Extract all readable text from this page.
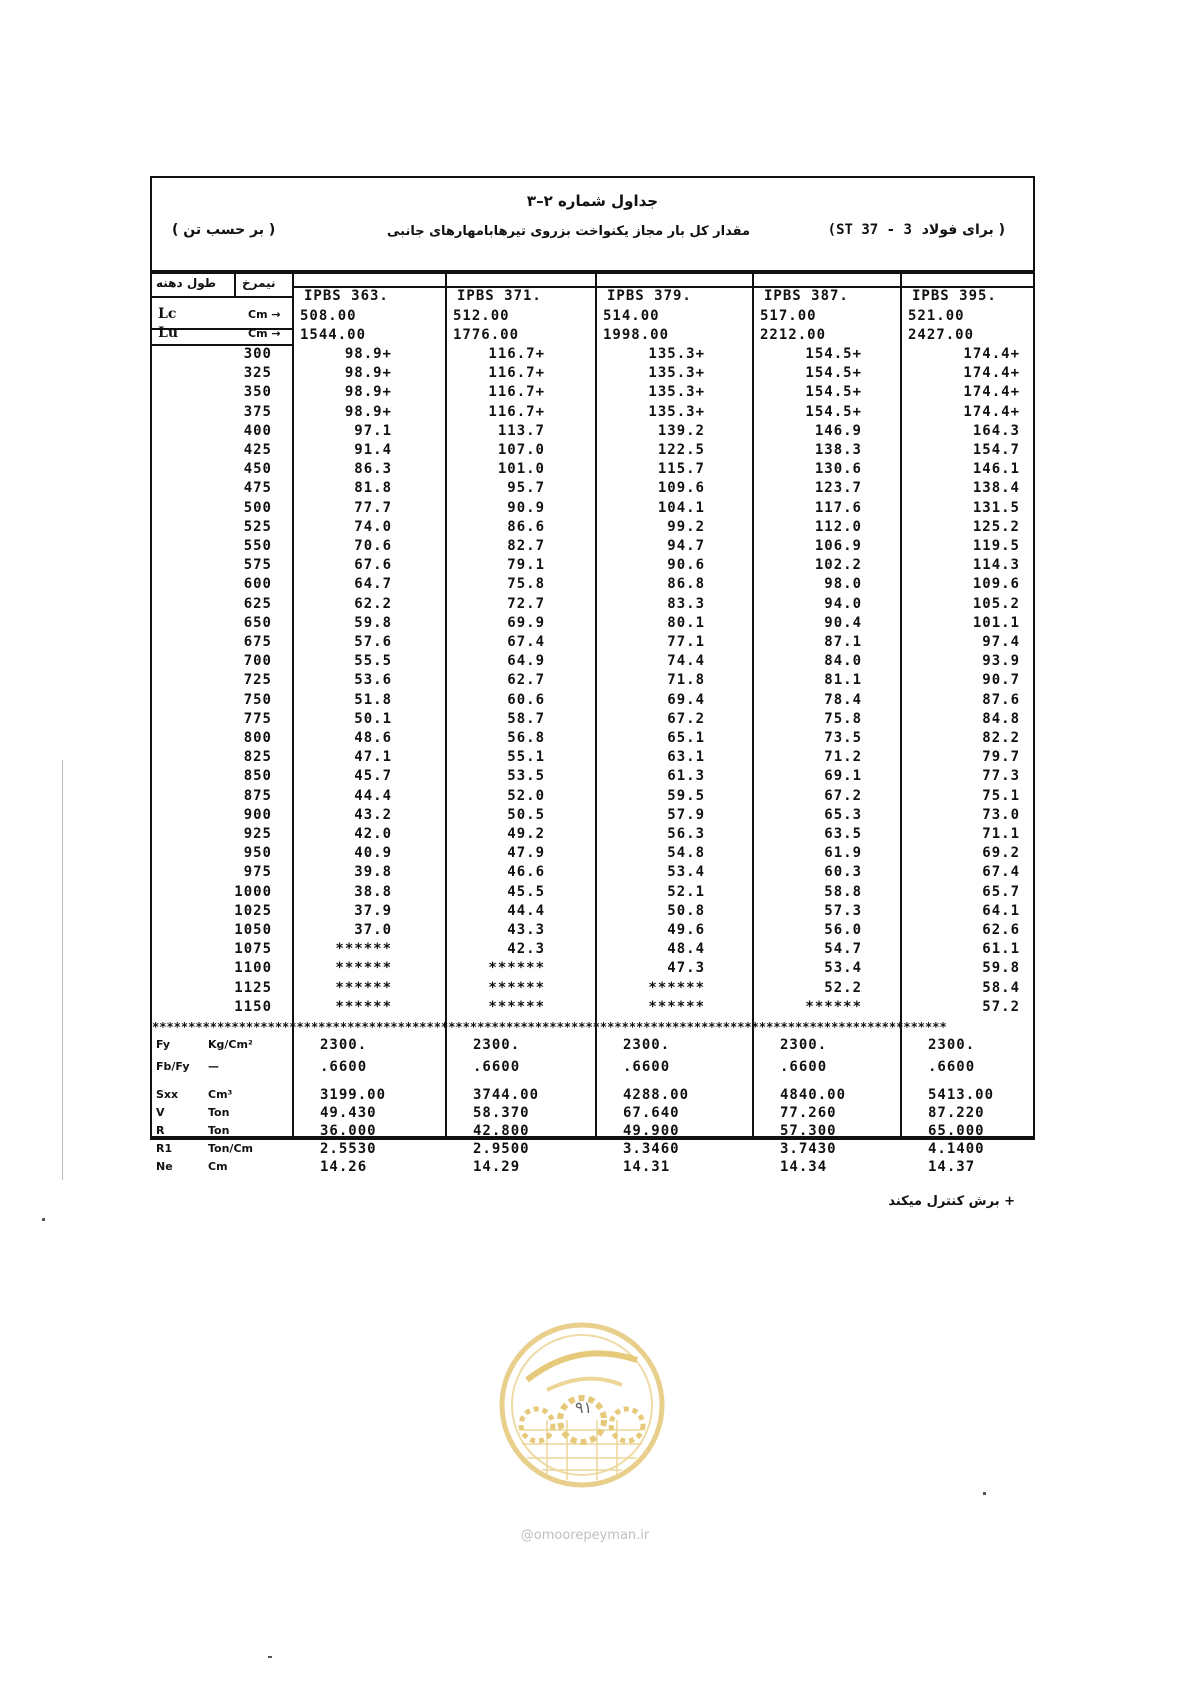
جداول شماره ۲–۳
مقدار کل بار مجاز یکنواخت بزروی تیرهابامهارهای جانبی
( بر حسب تن )	( برای فولاد  (ST 37 - 3
طول دهنه نیمرخ
IPBS 363.	IPBS 371.	IPBS 379.	IPBS 387.	IPBS 395.
Lc	Cm → 508.00	512.00	514.00	517.00	521.00
Lu	Cm → 1544.00	1776.00	1998.00	2212.00	2427.00
300	98.9+	116.7+	135.3+	154.5+	174.4+
325	98.9+	116.7+	135.3+	154.5+	174.4+
350	98.9+	116.7+	135.3+	154.5+	174.4+
375	98.9+	116.7+	135.3+	154.5+	174.4+
400	97.1	113.7	139.2	146.9	164.3
425	91.4	107.0	122.5	138.3	154.7
450	86.3	101.0	115.7	130.6	146.1
475	81.8	95.7	109.6	123.7	138.4
500	77.7	90.9	104.1	117.6	131.5
525	74.0	86.6	99.2	112.0	125.2
550	70.6	82.7	94.7	106.9	119.5
575	67.6	79.1	90.6	102.2	114.3
600	64.7	75.8	86.8	98.0	109.6
625	62.2	72.7	83.3	94.0	105.2
650	59.8	69.9	80.1	90.4	101.1
675	57.6	67.4	77.1	87.1	97.4
700	55.5	64.9	74.4	84.0	93.9
725	53.6	62.7	71.8	81.1	90.7
750	51.8	60.6	69.4	78.4	87.6
775	50.1	58.7	67.2	75.8	84.8
800	48.6	56.8	65.1	73.5	82.2
825	47.1	55.1	63.1	71.2	79.7
850	45.7	53.5	61.3	69.1	77.3
875	44.4	52.0	59.5	67.2	75.1
900	43.2	50.5	57.9	65.3	73.0
925	42.0	49.2	56.3	63.5	71.1
950	40.9	47.9	54.8	61.9	69.2
975	39.8	46.6	53.4	60.3	67.4
1000	38.8	45.5	52.1	58.8	65.7
1025	37.9	44.4	50.8	57.3	64.1
1050	37.0	43.3	49.6	56.0	62.6
1075	******	42.3	48.4	54.7	61.1
1100	******	******	47.3	53.4	59.8
1125	******	******	******	52.2	58.4
1150	******	******	******	******	57.2
**************************************************************************************************************
Fy	Kg/Cm²	2300.	2300.	2300.	2300.	2300.
Fb/Fy —	.6600	.6600	.6600	.6600	.6600
Sxx	Cm³	3199.00	3744.00	4288.00	4840.00	5413.00
V	Ton	49.430	58.370	67.640	77.260	87.220
R	Ton	36.000	42.800	49.900	57.300	65.000
R1	Ton/Cm	2.5530	2.9500	3.3460	3.7430	4.1400
Ne	Cm	14.26	14.29	14.31	14.34	14.37
+ برش کنترل میکند
۹۱
@omoorepeyman.ir
